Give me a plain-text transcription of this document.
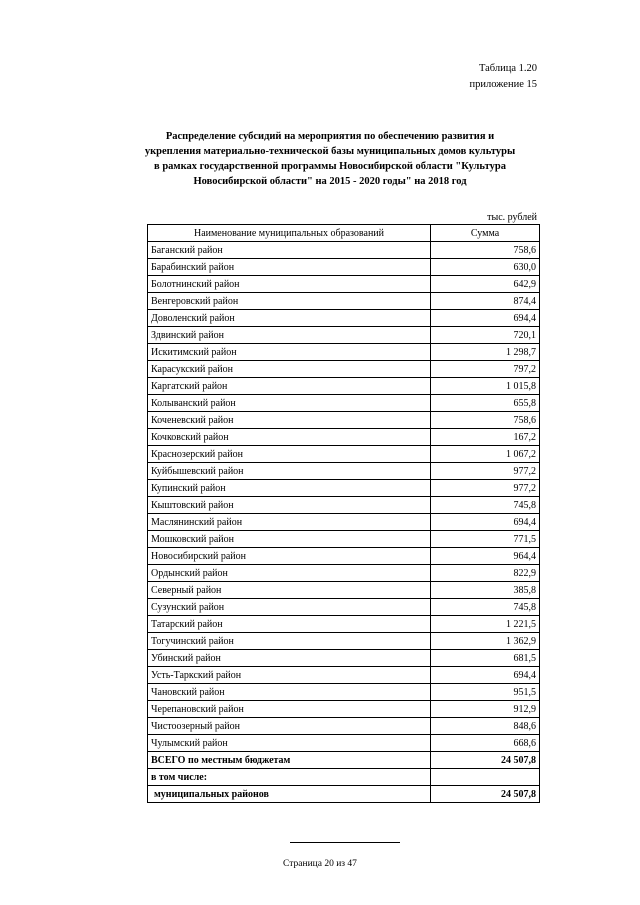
Таблица 1.20
приложение 15
Распределение субсидий на мероприятия по обеспечению развития и
укрепления материально-технической базы муниципальных домов культуры
в рамках государственной программы Новосибирской области "Культура
Новосибирской области" на 2015 - 2020 годы" на 2018 год
тыс. рублей
Наименование муниципальных образований	Сумма
Баганский район	758,6
Барабинский район	630,0
Болотнинский район	642,9
Венгеровский район	874,4
Доволенский район	694,4
Здвинский район	720,1
Искитимский район	1 298,7
Карасукский район	797,2
Каргатский район	1 015,8
Колыванский район	655,8
Коченевский район	758,6
Кочковский район	167,2
Краснозерский район	1 067,2
Куйбышевский район	977,2
Купинский район	977,2
Кыштовский район	745,8
Маслянинский район	694,4
Мошковский район	771,5
Новосибирский район	964,4
Ордынский район	822,9
Северный район	385,8
Сузунский район	745,8
Татарский район	1 221,5
Тогучинский район	1 362,9
Убинский район	681,5
Усть-Таркский район	694,4
Чановский район	951,5
Черепановский район	912,9
Чистоозерный район	848,6
Чулымский район	668,6
ВСЕГО по местным бюджетам	24 507,8
в том числе:	
муниципальных районов	24 507,8
Страница 20 из 47
